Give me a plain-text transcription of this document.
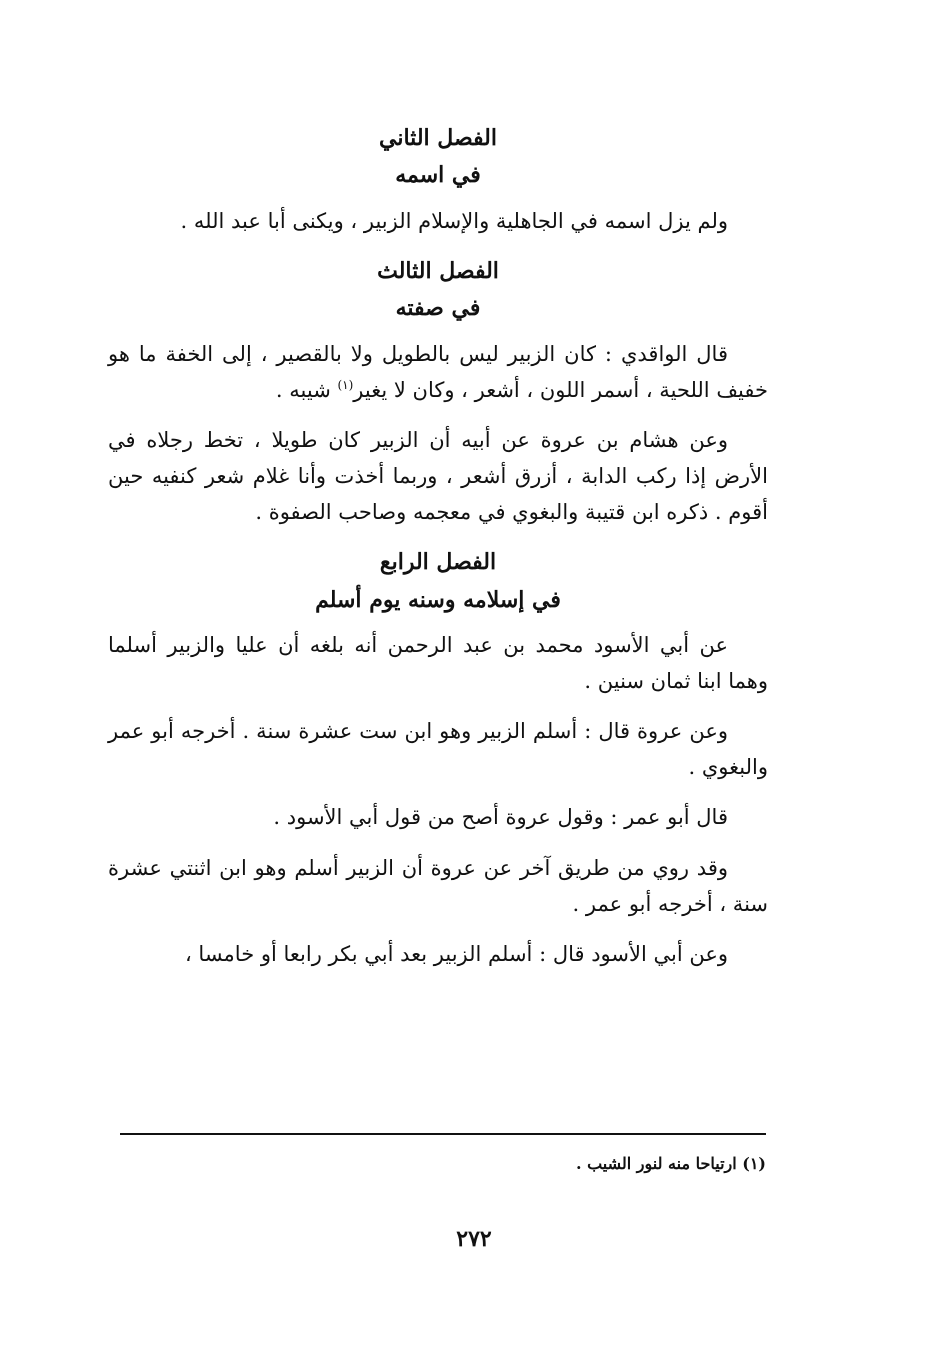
الفصل الثاني
في اسمه

ولم يزل اسمه في الجاهلية والإسلام الزبير ، ويكنى أبا عبد الله .

الفصل الثالث
في صفته

قال الواقدي : كان الزبير ليس بالطويل ولا بالقصير ، إلى الخفة ما هو خفيف اللحية ، أسمر اللون ، أشعر ، وكان لا يغير$^{(١)}$ شيبه .

وعن هشام بن عروة عن أبيه أن الزبير كان طويلا ، تخط رجلاه في الأرض إذا ركب الدابة ، أزرق أشعر ، وربما أخذت وأنا غلام شعر كنفيه حين أقوم . ذكره ابن قتيبة والبغوي في معجمه وصاحب الصفوة .

الفصل الرابع
في إسلامه وسنه يوم أسلم

عن أبي الأسود محمد بن عبد الرحمن أنه بلغه أن عليا والزبير أسلما وهما ابنا ثمان سنين .

وعن عروة قال : أسلم الزبير وهو ابن ست عشرة سنة . أخرجه أبو عمر والبغوي .

قال أبو عمر : وقول عروة أصح من قول أبي الأسود .

وقد روي من طريق آخر عن عروة أن الزبير أسلم وهو ابن اثنتي عشرة سنة ، أخرجه أبو عمر .

وعن أبي الأسود قال : أسلم الزبير بعد أبي بكر رابعا أو خامسا ،

(١) ارتياحا منه لنور الشيب .
٢٧٢
